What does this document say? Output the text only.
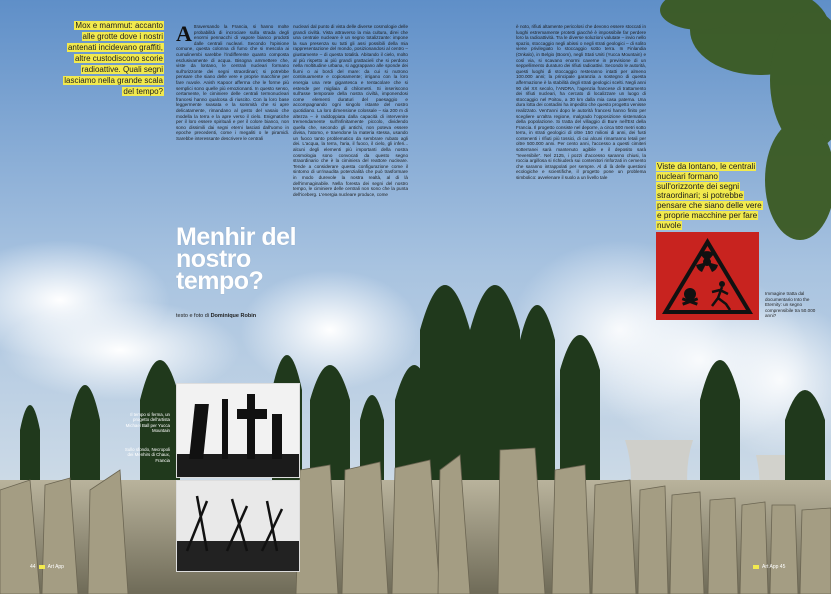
Mox e mammut: accanto alle grotte dove i nostri antenati incidevano graffiti, altre custodiscono scorie radioattive. Quali segni lasciamo nella grande scala del tempo?
A ttraversando la Francia, si hanno molte probabilità di incrociare sulla strada degli enormi pennacchi di vapore bianco prodotti dalle centrali nucleari. Secondo l'opinione comune, questa colonna di fumo che si mescola ai cumulinembi sarebbe l'indifferente quanto composta esclusivamente di acqua. Bisogna ammettere che, viste da lontano, le centrali nucleari formano sull'orizzonte dei segni straordinari; si potrebbe pensare che siano delle vere e proprie macchine per fare nuvole. Anish Kapoor afferma che le forme più semplici sono quelle più emozionanti. In questo senso, certamente, le ciminiere delle centrali termonucleari francesi hanno qualcosa di riuscito. Con la loro base leggermente svasata e la sommità che si apre delicatamente, rimandano al gesto del vasaio che modella la terra e la apre verso il cielo. Enigmatiche per il loro essere spirituali e per il colore bianco, non sono dissimili dai segni eterni lasciati dall'uomo in epoche precedenti, come i megaliti o le piramidi. Sarebbe interessante descrivere le centrali

Menhir del nostro tempo?
testo e foto di Dominique Robin

nucleari dal punto di vista delle diverse cosmologie delle grandi civiltà. Vista attraverso la mia cultura, direi che una centrale nucleare è un segno totalizzante: impone la sua presenza su tutti gli assi possibili della mia rappresentazione del mondo, posizionandosi al centro – giustamente – di questa totalità. Abitando il cielo, molto al più rispetto ai più grandi grattacieli che si perdono nella moltitudine urbana, si aggrappano alle sponde dei fiumi o ai bordi del mare: da cui si nutrono continuamente e copiosamente; irrigano con la loro energia una rete gigantesca e tentacolare che si estende per migliaia di chilometri. Si inseriscono sull'asse temporale della nostra civiltà, imponendosi come elementi duraturi del paesaggio e accompagnando ogni singolo istante del nostro quotidiano. La loro dimensione colossale – sia 200 m di altezza – è raddoppiata dalla capacità di intervenire tremendamente sull'infinitamente piccolo, dividendo quella che, secondo gli antichi, non poteva essere divisa, l'atomo, e traendone la materia stessa, usando un fuoco tanto problematico da sembrare rubato agli dei. L'acqua, la terra, l'aria, il fuoco, il cielo, gli inferi... alcuni degli elementi più importanti della nostra cosmologia sono convocati da questo segno straordinario che è la ciminiera del reattore nucleare. Tende a considerare questa configurazione come il sintomo di un'inaudita potenzialità che può trasformare in modo durevole la nostra realtà, al di là dell'immaginabile. Nella foresta dei segni del nostro tempo, le ciminiere delle centrali non sono che la punta dell'iceberg. L'energia nucleare produce, come

è noto, rifiuti altamente pericolosi che devono essere stoccati in luoghi estremamente protetti giacché è impossibile far perdere loro la radioattività. Tra le diverse soluzioni valutate – invio nello spazio, stoccaggio negli abissi o negli strati geologici – di solito viene privilegiato lo stoccaggio sotto terra. In Finlandia (Onkalo), in Belgio (Boom), negli Stati Uniti (Yucca Mountain) e così via, si scavano enormi caverne in previsione di un seppellimento duraturo dei rifiuti radioattivi. Secondo le autorità, questi luoghi di stoccaggio resteranno intatti per almeno 100.000 anni; la principale garanzia a sostegno di questa affermazione è la stabilità degli strati geologici scelti. Negli anni 90 del XX secolo, l'ANDRA, l'agenzia francese di trattamento dei rifiuti nucleari, ha cercato di localizzare un luogo di stoccaggio nel Poitou, a 30 km dalla mia casa paterna. Una dura lotta dei contadini ha impedito che questo progetto venisse realizzato. Vent'anni dopo le autorità francesi hanno finito per scegliere un'altra regione, malgrado l'opposizione sistematica della popolazione. Si tratta del villaggio di Bure nell'Est della Francia. Il progetto consiste nel deporre, a circa 500 metri sotto terra, in strati geologici di oltre 150 milioni di anni, dei fusti contenenti i rifiuti più tossici, di cui alcuni rimarranno letali per oltre 500.000 anni. Per cento anni, l'accesso a questi cimiteri sotterranei sarà mantenuto agibile e il deposito sarà "reversibile". Nel 2125, i pozzi d'accesso saranno chiusi, la roccia argillosa si richiuderà sui contenitori rinforzati in cemento che saranno intrappolati per sempre. Al di là delle questioni ecologiche e scientifiche, il progetto pone un problema simbolico: avvelenare il suolo a un livello tale

Viste da lontano, le centrali nucleari formano sull'orizzonte dei segni straordinari; si potrebbe pensare che siano delle vere e proprie macchine per fare nuvole
Immagine tratta dal documentario Into the Eternity: un segno comprensibile tra 50.000 anni?
Il tempo si ferma, un progetto dell'artista Michael Ball per Yucca Mountain
Sullo sfondo, Necropoli dei Menhirs di Chaux, Francia
44 Art App	Art App 45
